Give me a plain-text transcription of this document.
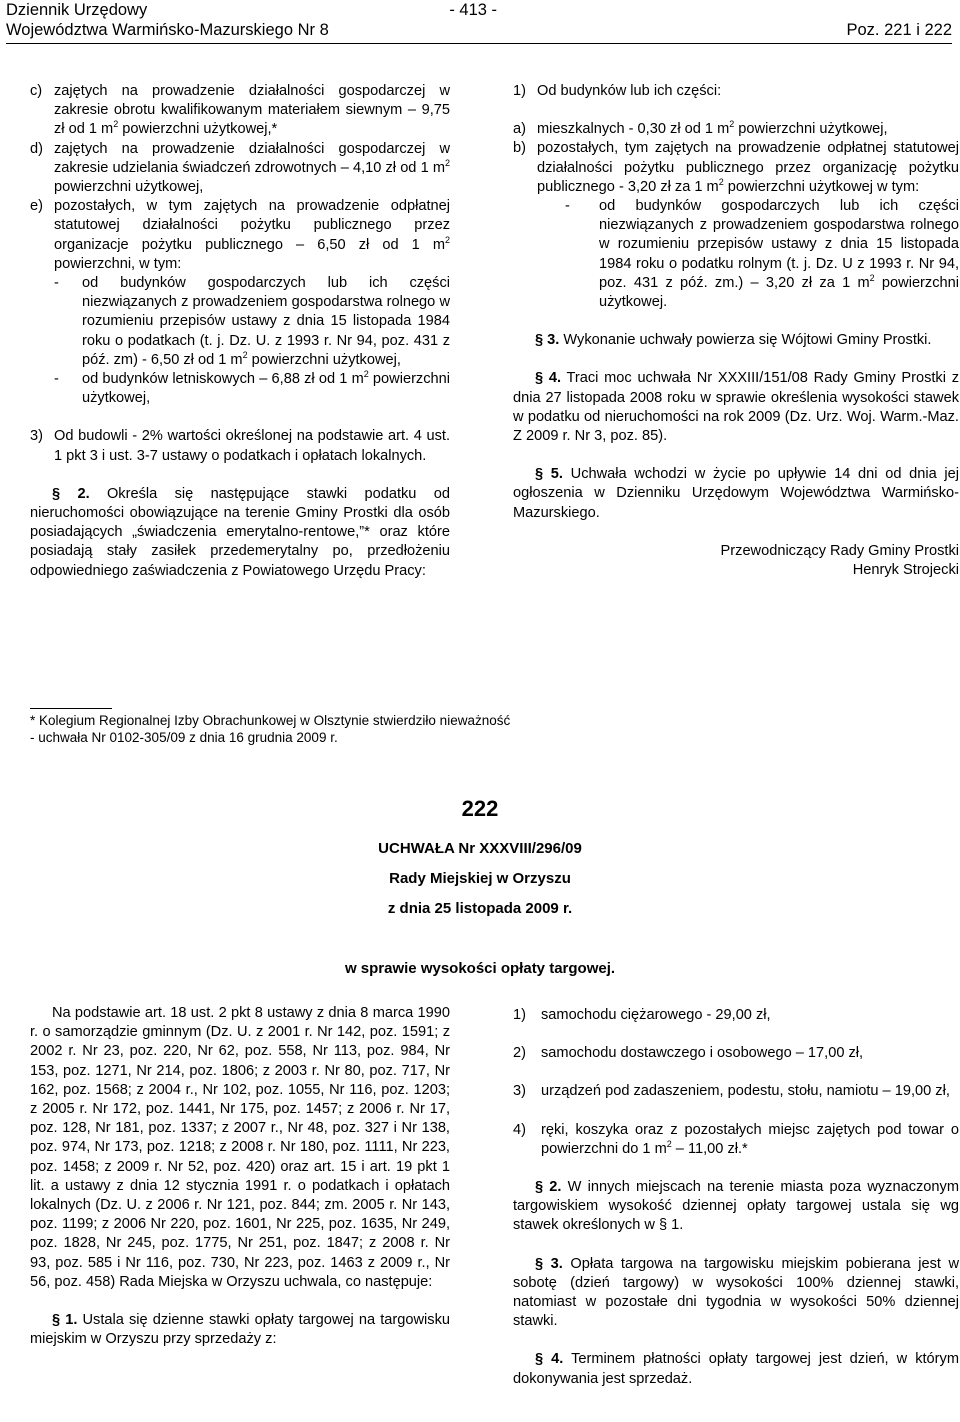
Dziennik Urzędowy	- 413 -
Województwa Warmińsko-Mazurskiego Nr 8	Poz. 221 i 222
c) zajętych na prowadzenie działalności gospodarczej w zakresie obrotu kwalifikowanym materiałem siewnym – 9,75 zł od 1 $m^2$ powierzchni użytkowej,*
d) zajętych na prowadzenie działalności gospodarczej w zakresie udzielania świadczeń zdrowotnych – 4,10 zł od 1 $m^2$ powierzchni użytkowej,
e) pozostałych, w tym zajętych na prowadzenie odpłatnej statutowej działalności pożytku publicznego przez organizacje pożytku publicznego – 6,50 zł od 1 $m^2$ powierzchni, w tym:
-	od budynków gospodarczych lub ich części niezwiązanych z prowadzeniem gospodarstwa rolnego w rozumieniu przepisów ustawy z dnia 15 listopada 1984 roku o podatkach (t. j. Dz. U. z 1993 r. Nr 94, poz. 431 z póź. zm) - 6,50 zł od 1 $m^2$ powierzchni użytkowej,
-	od budynków letniskowych – 6,88 zł od 1 $m^2$ powierzchni użytkowej,
3) Od budowli - 2% wartości określonej na podstawie art. 4 ust. 1 pkt 3 i ust. 3-7 ustawy o podatkach i opłatach lokalnych.

§ 2. Określa się następujące stawki podatku od nieruchomości obowiązujące na terenie Gminy Prostki dla osób posiadających „świadczenia emerytalno-rentowe,”* oraz które posiadają stały zasiłek przedemerytalny po, przedłożeniu odpowiedniego zaświadczenia z Powiatowego Urzędu Pracy:

1) Od budynków lub ich części:
a) mieszkalnych - 0,30 zł od 1 $m^2$ powierzchni użytkowej,
b) pozostałych, tym zajętych na prowadzenie odpłatnej statutowej działalności pożytku publicznego przez organizację pożytku publicznego - 3,20 zł za 1 $m^2$ powierzchni użytkowej w tym:
-	od budynków gospodarczych lub ich części niezwiązanych z prowadzeniem gospodarstwa rolnego w rozumieniu przepisów ustawy z dnia 15 listopada 1984 roku o podatku rolnym (t. j. Dz. U z 1993 r. Nr 94, poz. 431 z póź. zm.) – 3,20 zł za 1 $m^2$ powierzchni użytkowej.

§ 3. Wykonanie uchwały powierza się Wójtowi Gminy Prostki.

§ 4. Traci moc uchwała Nr XXXIII/151/08 Rady Gminy Prostki z dnia 27 listopada 2008 roku w sprawie określenia wysokości stawek w podatku od nieruchomości na rok 2009 (Dz. Urz. Woj. Warm.-Maz. Z 2009 r. Nr 3, poz. 85).

§ 5. Uchwała wchodzi w życie po upływie 14 dni od dnia jej ogłoszenia w Dzienniku Urzędowym Województwa Warmińsko-Mazurskiego.

Przewodniczący Rady Gminy Prostki

Henryk Strojecki

* Kolegium Regionalnej Izby Obrachunkowej w Olsztynie stwierdziło nieważność
- uchwała Nr 0102-305/09 z dnia 16 grudnia 2009 r.
222
UCHWAŁA Nr XXXVIII/296/09
Rady Miejskiej w Orzyszu
z dnia 25 listopada 2009 r.
w sprawie wysokości opłaty targowej.

Na podstawie art. 18 ust. 2 pkt 8 ustawy z dnia 8 marca 1990 r. o samorządzie gminnym (Dz. U. z 2001 r. Nr 142, poz. 1591; z 2002 r. Nr 23, poz. 220, Nr 62, poz. 558, Nr 113, poz. 984, Nr 153, poz. 1271, Nr 214, poz. 1806; z 2003 r. Nr 80, poz. 717, Nr 162, poz. 1568; z 2004 r., Nr 102, poz. 1055, Nr 116, poz. 1203; z 2005 r. Nr 172, poz. 1441, Nr 175, poz. 1457; z 2006 r. Nr 17, poz. 128, Nr 181, poz. 1337; z 2007 r., Nr 48, poz. 327 i Nr 138, poz. 974, Nr 173, poz. 1218; z 2008 r. Nr 180, poz. 1111, Nr 223, poz. 1458; z 2009 r. Nr 52, poz. 420) oraz art. 15 i art. 19 pkt 1 lit. a ustawy z dnia 12 stycznia 1991 r. o podatkach i opłatach lokalnych (Dz. U. z 2006 r. Nr 121, poz. 844; zm. 2005 r. Nr 143, poz. 1199; z 2006 Nr 220, poz. 1601, Nr 225, poz. 1635, Nr 249, poz. 1828, Nr 245, poz. 1775, Nr 251, poz. 1847; z 2008 r. Nr 93, poz. 585 i Nr 116, poz. 730, Nr 223, poz. 1463 z 2009 r., Nr 56, poz. 458) Rada Miejska w Orzyszu uchwala, co następuje:

§ 1. Ustala się dzienne stawki opłaty targowej na targowisku miejskim w Orzyszu przy sprzedaży z:

1)	samochodu ciężarowego - 29,00 zł,
2)	samochodu dostawczego i osobowego – 17,00 zł,
3)	urządzeń pod zadaszeniem, podestu, stołu, namiotu – 19,00 zł,
4)	ręki, koszyka oraz z pozostałych miejsc zajętych pod towar o powierzchni do 1 $m^2 - 11,00$ zł.*

§ 2. W innych miejscach na terenie miasta poza wyznaczonym targowiskiem wysokość dziennej opłaty targowej ustala się wg stawek określonych w § 1.

§ 3. Opłata targowa na targowisku miejskim pobierana jest w sobotę (dzień targowy) w wysokości 100% dziennej stawki, natomiast w pozostałe dni tygodnia w wysokości 50% dziennej stawki.

§ 4. Terminem płatności opłaty targowej jest dzień, w którym dokonywania jest sprzedaż.
